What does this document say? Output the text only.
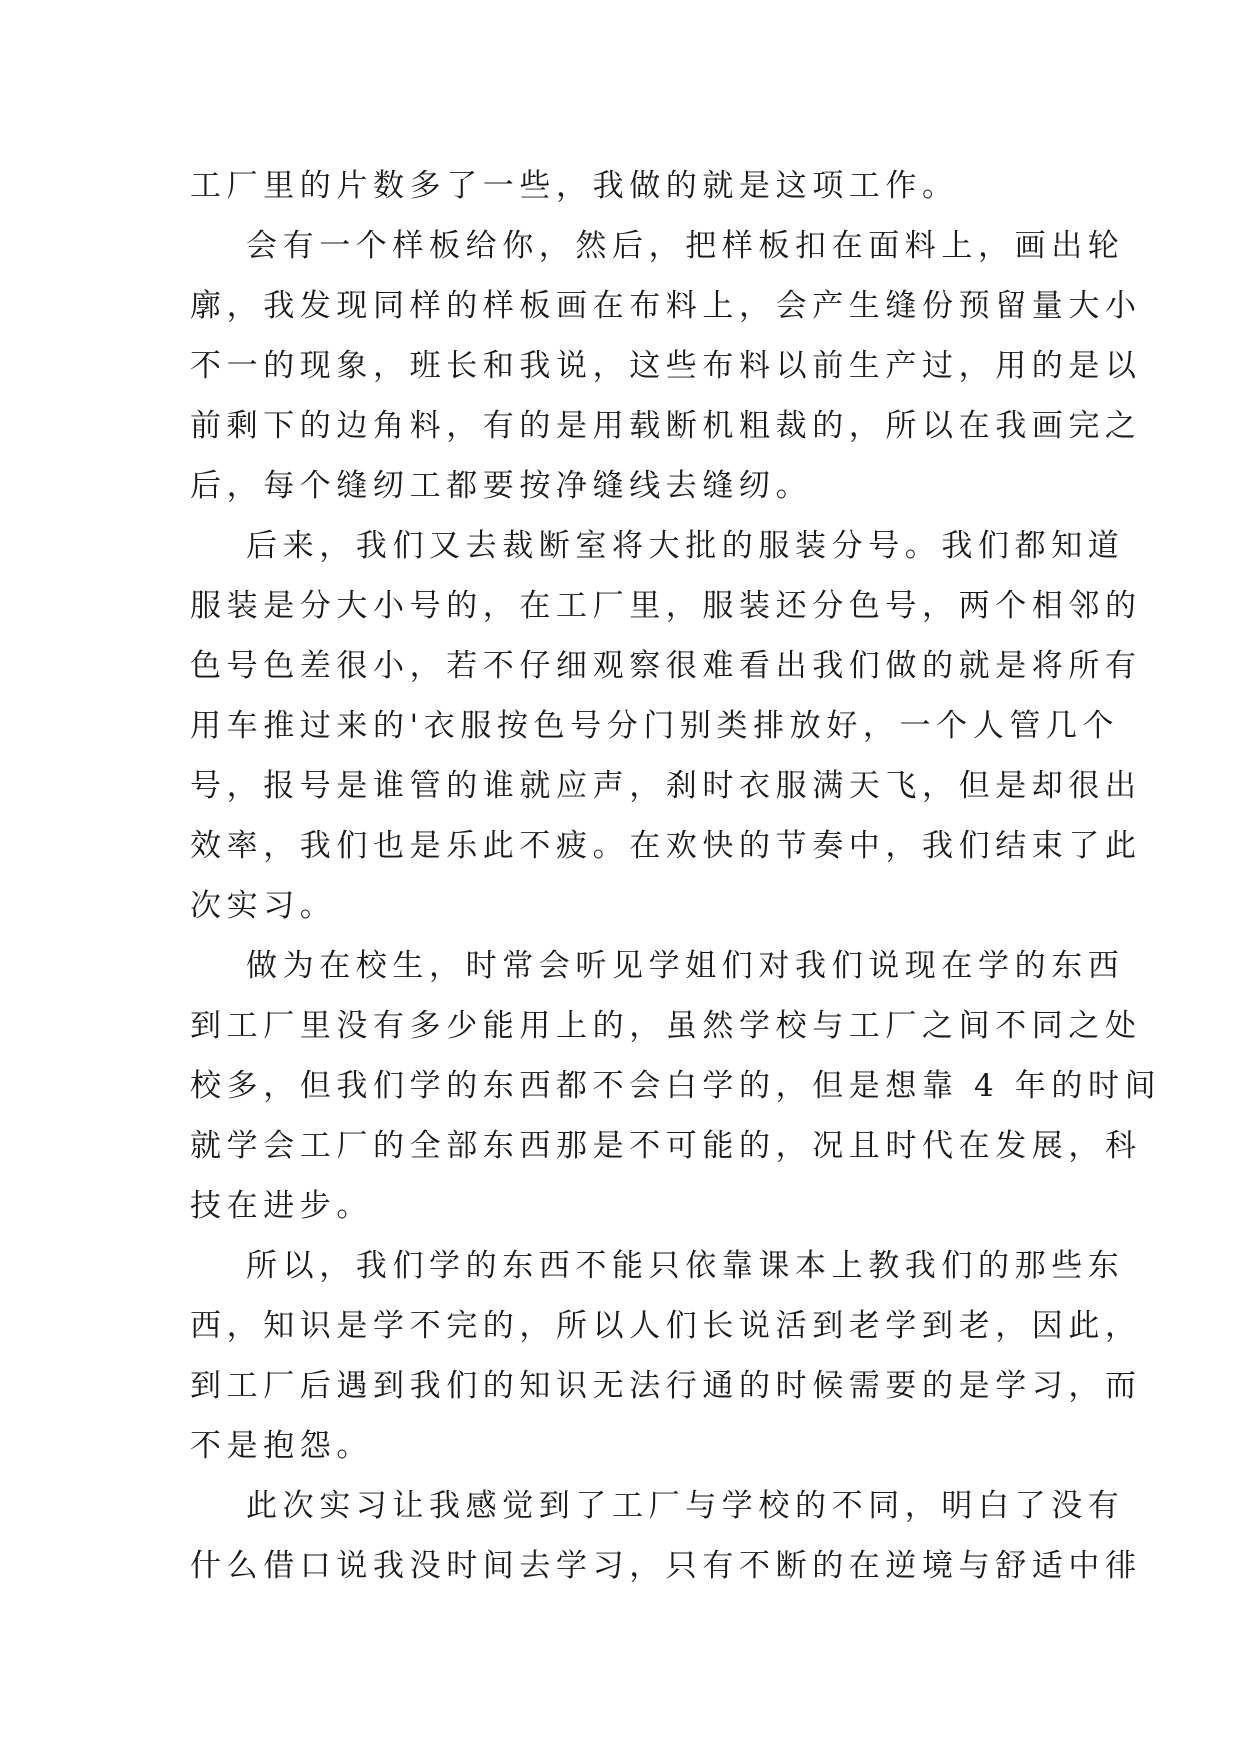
工厂里的片数多了一些，我做的就是这项工作。
会有一个样板给你，然后，把样板扣在面料上，画出轮
廓，我发现同样的样板画在布料上，会产生缝份预留量大小
不一的现象，班长和我说，这些布料以前生产过，用的是以
前剩下的边角料，有的是用载断机粗裁的，所以在我画完之
后，每个缝纫工都要按净缝线去缝纫。
后来，我们又去裁断室将大批的服装分号。我们都知道
服装是分大小号的，在工厂里，服装还分色号，两个相邻的
色号色差很小，若不仔细观察很难看出我们做的就是将所有
用车推过来的'衣服按色号分门别类排放好，一个人管几个
号，报号是谁管的谁就应声，刹时衣服满天飞，但是却很出
效率，我们也是乐此不疲。在欢快的节奏中，我们结束了此
次实习。
做为在校生，时常会听见学姐们对我们说现在学的东西
到工厂里没有多少能用上的，虽然学校与工厂之间不同之处
校多，但我们学的东西都不会白学的，但是想靠 4 年的时间
就学会工厂的全部东西那是不可能的，况且时代在发展，科
技在进步。
所以，我们学的东西不能只依靠课本上教我们的那些东
西，知识是学不完的，所以人们长说活到老学到老，因此，
到工厂后遇到我们的知识无法行通的时候需要的是学习，而
不是抱怨。
此次实习让我感觉到了工厂与学校的不同，明白了没有
什么借口说我没时间去学习，只有不断的在逆境与舒适中徘
